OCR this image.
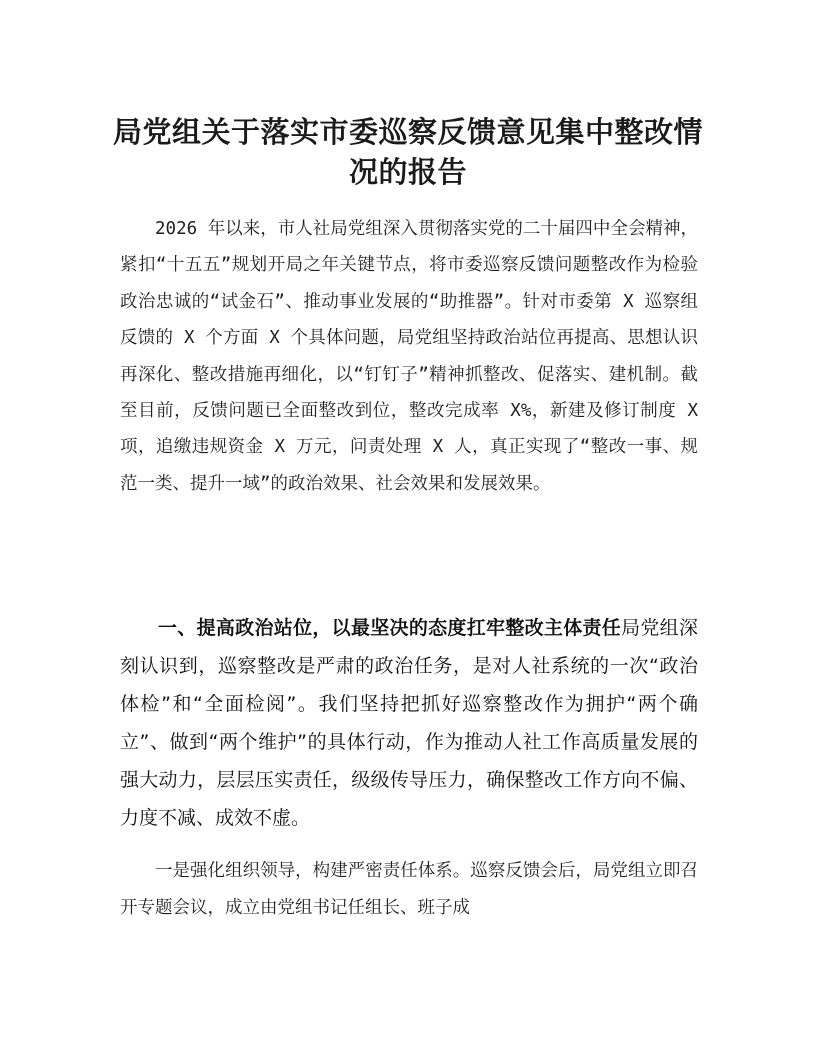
局党组关于落实市委巡察反馈意见集中整改情况的报告

2026 年以来，市人社局党组深入贯彻落实党的二十届四中全会精神，紧扣“十五五”规划开局之年关键节点，将市委巡察反馈问题整改作为检验政治忠诚的“试金石”、推动事业发展的“助推器”。针对市委第 X 巡察组反馈的 X 个方面 X 个具体问题，局党组坚持政治站位再提高、思想认识再深化、整改措施再细化，以“钉钉子”精神抓整改、促落实、建机制。截至目前，反馈问题已全面整改到位，整改完成率 X%，新建及修订制度 X 项，追缴违规资金 X 万元，问责处理 X 人，真正实现了“整改一事、规范一类、提升一域”的政治效果、社会效果和发展效果。

一、提高政治站位，以最坚决的态度扛牢整改主体责任局党组深刻认识到，巡察整改是严肃的政治任务，是对人社系统的一次“政治体检”和“全面检阅”。我们坚持把抓好巡察整改作为拥护“两个确立”、做到“两个维护”的具体行动，作为推动人社工作高质量发展的强大动力，层层压实责任，级级传导压力，确保整改工作方向不偏、力度不减、成效不虚。

一是强化组织领导，构建严密责任体系。巡察反馈会后，局党组立即召开专题会议，成立由党组书记任组长、班子成
